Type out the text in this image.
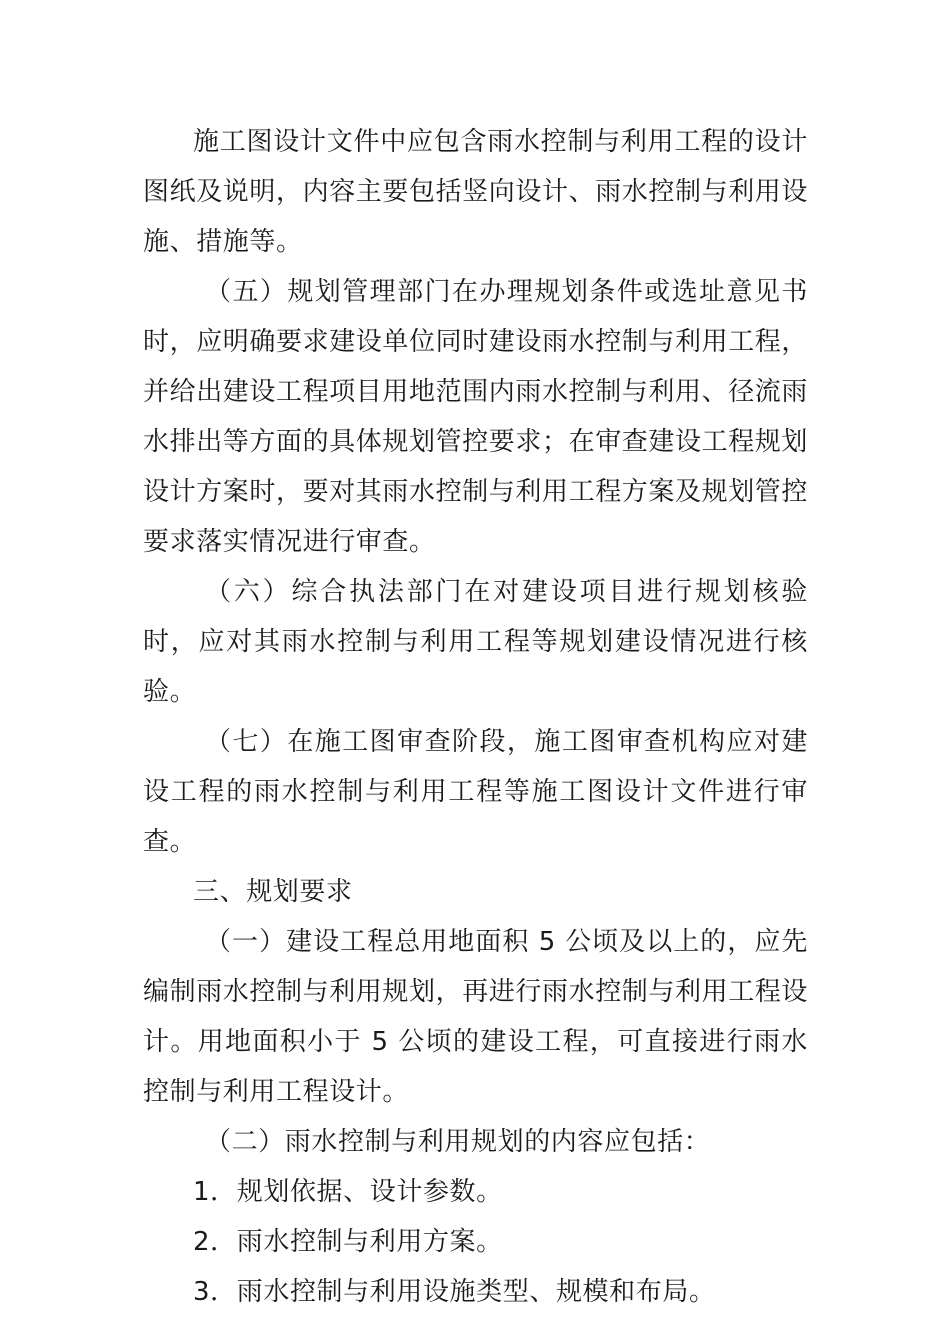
施工图设计文件中应包含雨水控制与利用工程的设计图纸及说明，内容主要包括竖向设计、雨水控制与利用设施、措施等。

（五）规划管理部门在办理规划条件或选址意见书时，应明确要求建设单位同时建设雨水控制与利用工程，并给出建设工程项目用地范围内雨水控制与利用、径流雨水排出等方面的具体规划管控要求；在审查建设工程规划设计方案时，要对其雨水控制与利用工程方案及规划管控要求落实情况进行审查。

（六）综合执法部门在对建设项目进行规划核验时，应对其雨水控制与利用工程等规划建设情况进行核验。

（七）在施工图审查阶段，施工图审查机构应对建设工程的雨水控制与利用工程等施工图设计文件进行审查。

三、规划要求

（一）建设工程总用地面积 5 公顷及以上的，应先编制雨水控制与利用规划，再进行雨水控制与利用工程设计。用地面积小于 5 公顷的建设工程，可直接进行雨水控制与利用工程设计。

（二）雨水控制与利用规划的内容应包括：

1．规划依据、设计参数。

2．雨水控制与利用方案。

3．雨水控制与利用设施类型、规模和布局。
